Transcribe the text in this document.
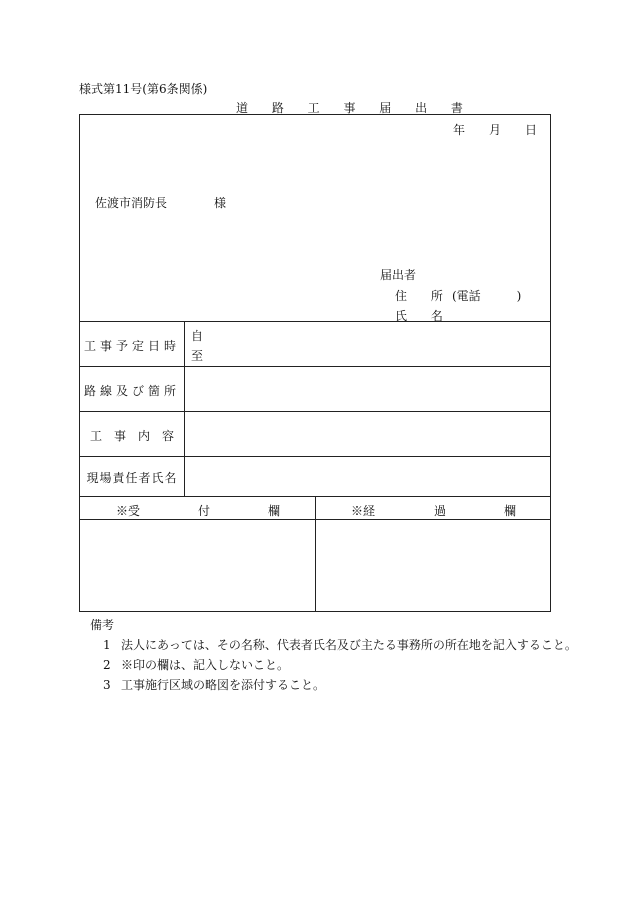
様式第11号(第6条関係)
道 路 工 事 届 出 書
年 月 日
佐渡市消防長	様
届出者
住 所 (電話　　　)
氏 名
工事予定日時
自
至
路線及び箇所
工　事　内　容
現場責任者氏名
※受	付	欄	※経	過	欄
備考
1 法人にあっては、その名称、代表者氏名及び主たる事務所の所在地を記入すること。
2 ※印の欄は、記入しないこと。
3 工事施行区域の略図を添付すること。
